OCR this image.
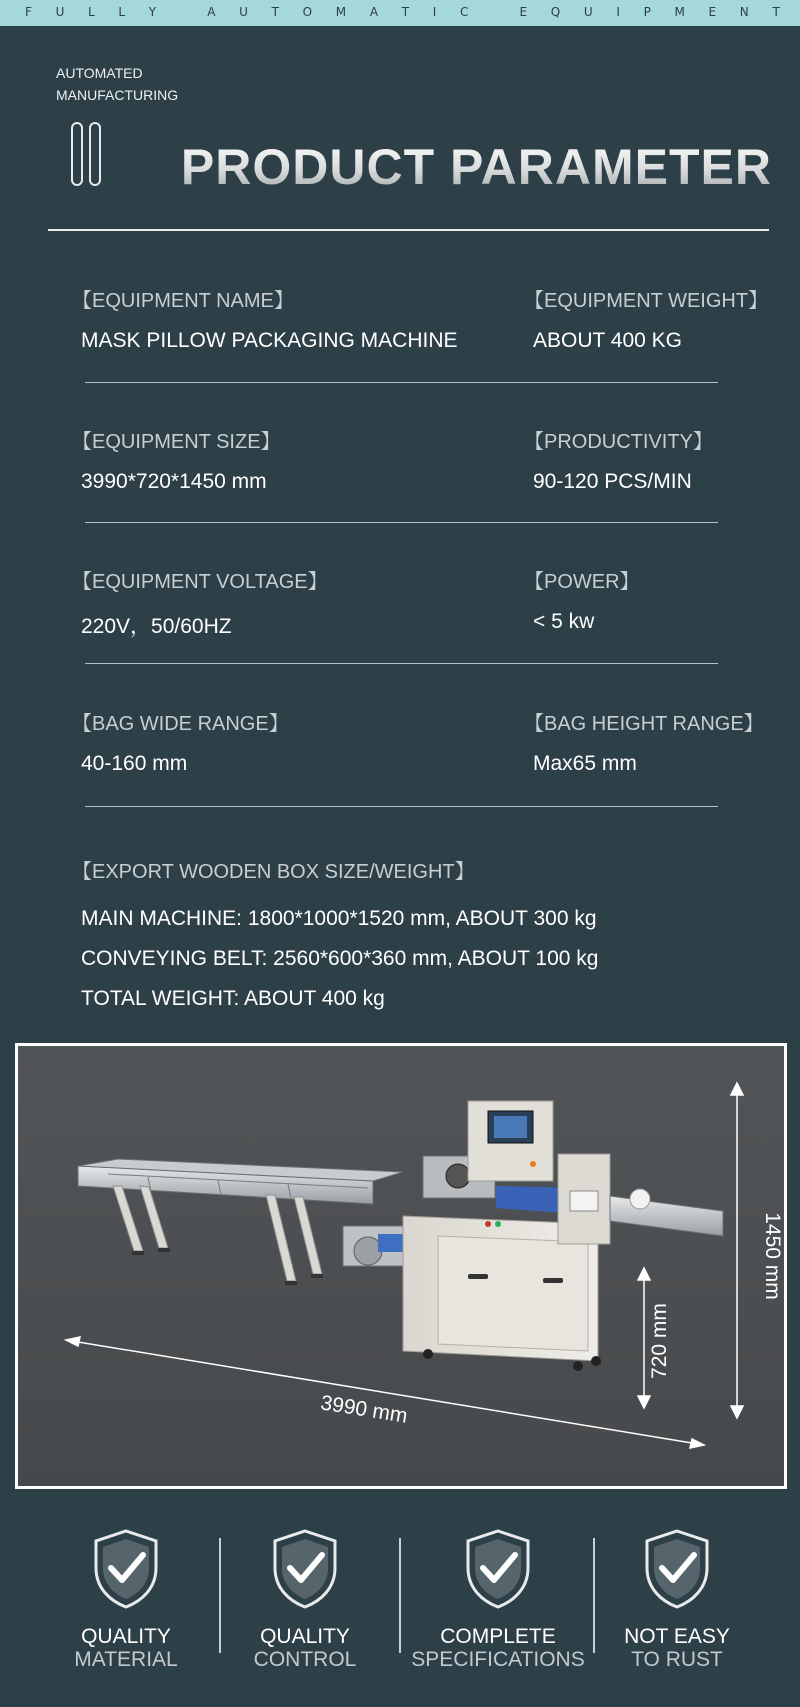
F U L L Y
	A U T O M A T I C
	E Q U I P M E N T
AUTOMATED
MANUFACTURING
PRODUCT PARAMETER
【EQUIPMENT NAME】
MASK PILLOW PACKAGING MACHINE
【EQUIPMENT WEIGHT】
ABOUT 400 KG
【EQUIPMENT SIZE】
3990*720*1450 mm
【PRODUCTIVITY】
90-120 PCS/MIN
【EQUIPMENT VOLTAGE】
220V，50/60HZ
【POWER】
< 5 kw
【BAG WIDE RANGE】
40-160 mm
【BAG HEIGHT RANGE】
Max65 mm
【EXPORT WOODEN BOX SIZE/WEIGHT】
MAIN MACHINE: 1800*1000*1520 mm, ABOUT 300 kg
CONVEYING BELT: 2560*600*360 mm, ABOUT 100 kg
TOTAL WEIGHT: ABOUT 400 kg
3990 mm
720 mm
1450 mm
QUALITY
MATERIAL
QUALITY
CONTROL
COMPLETE
SPECIFICATIONS
NOT EASY
TO RUST
